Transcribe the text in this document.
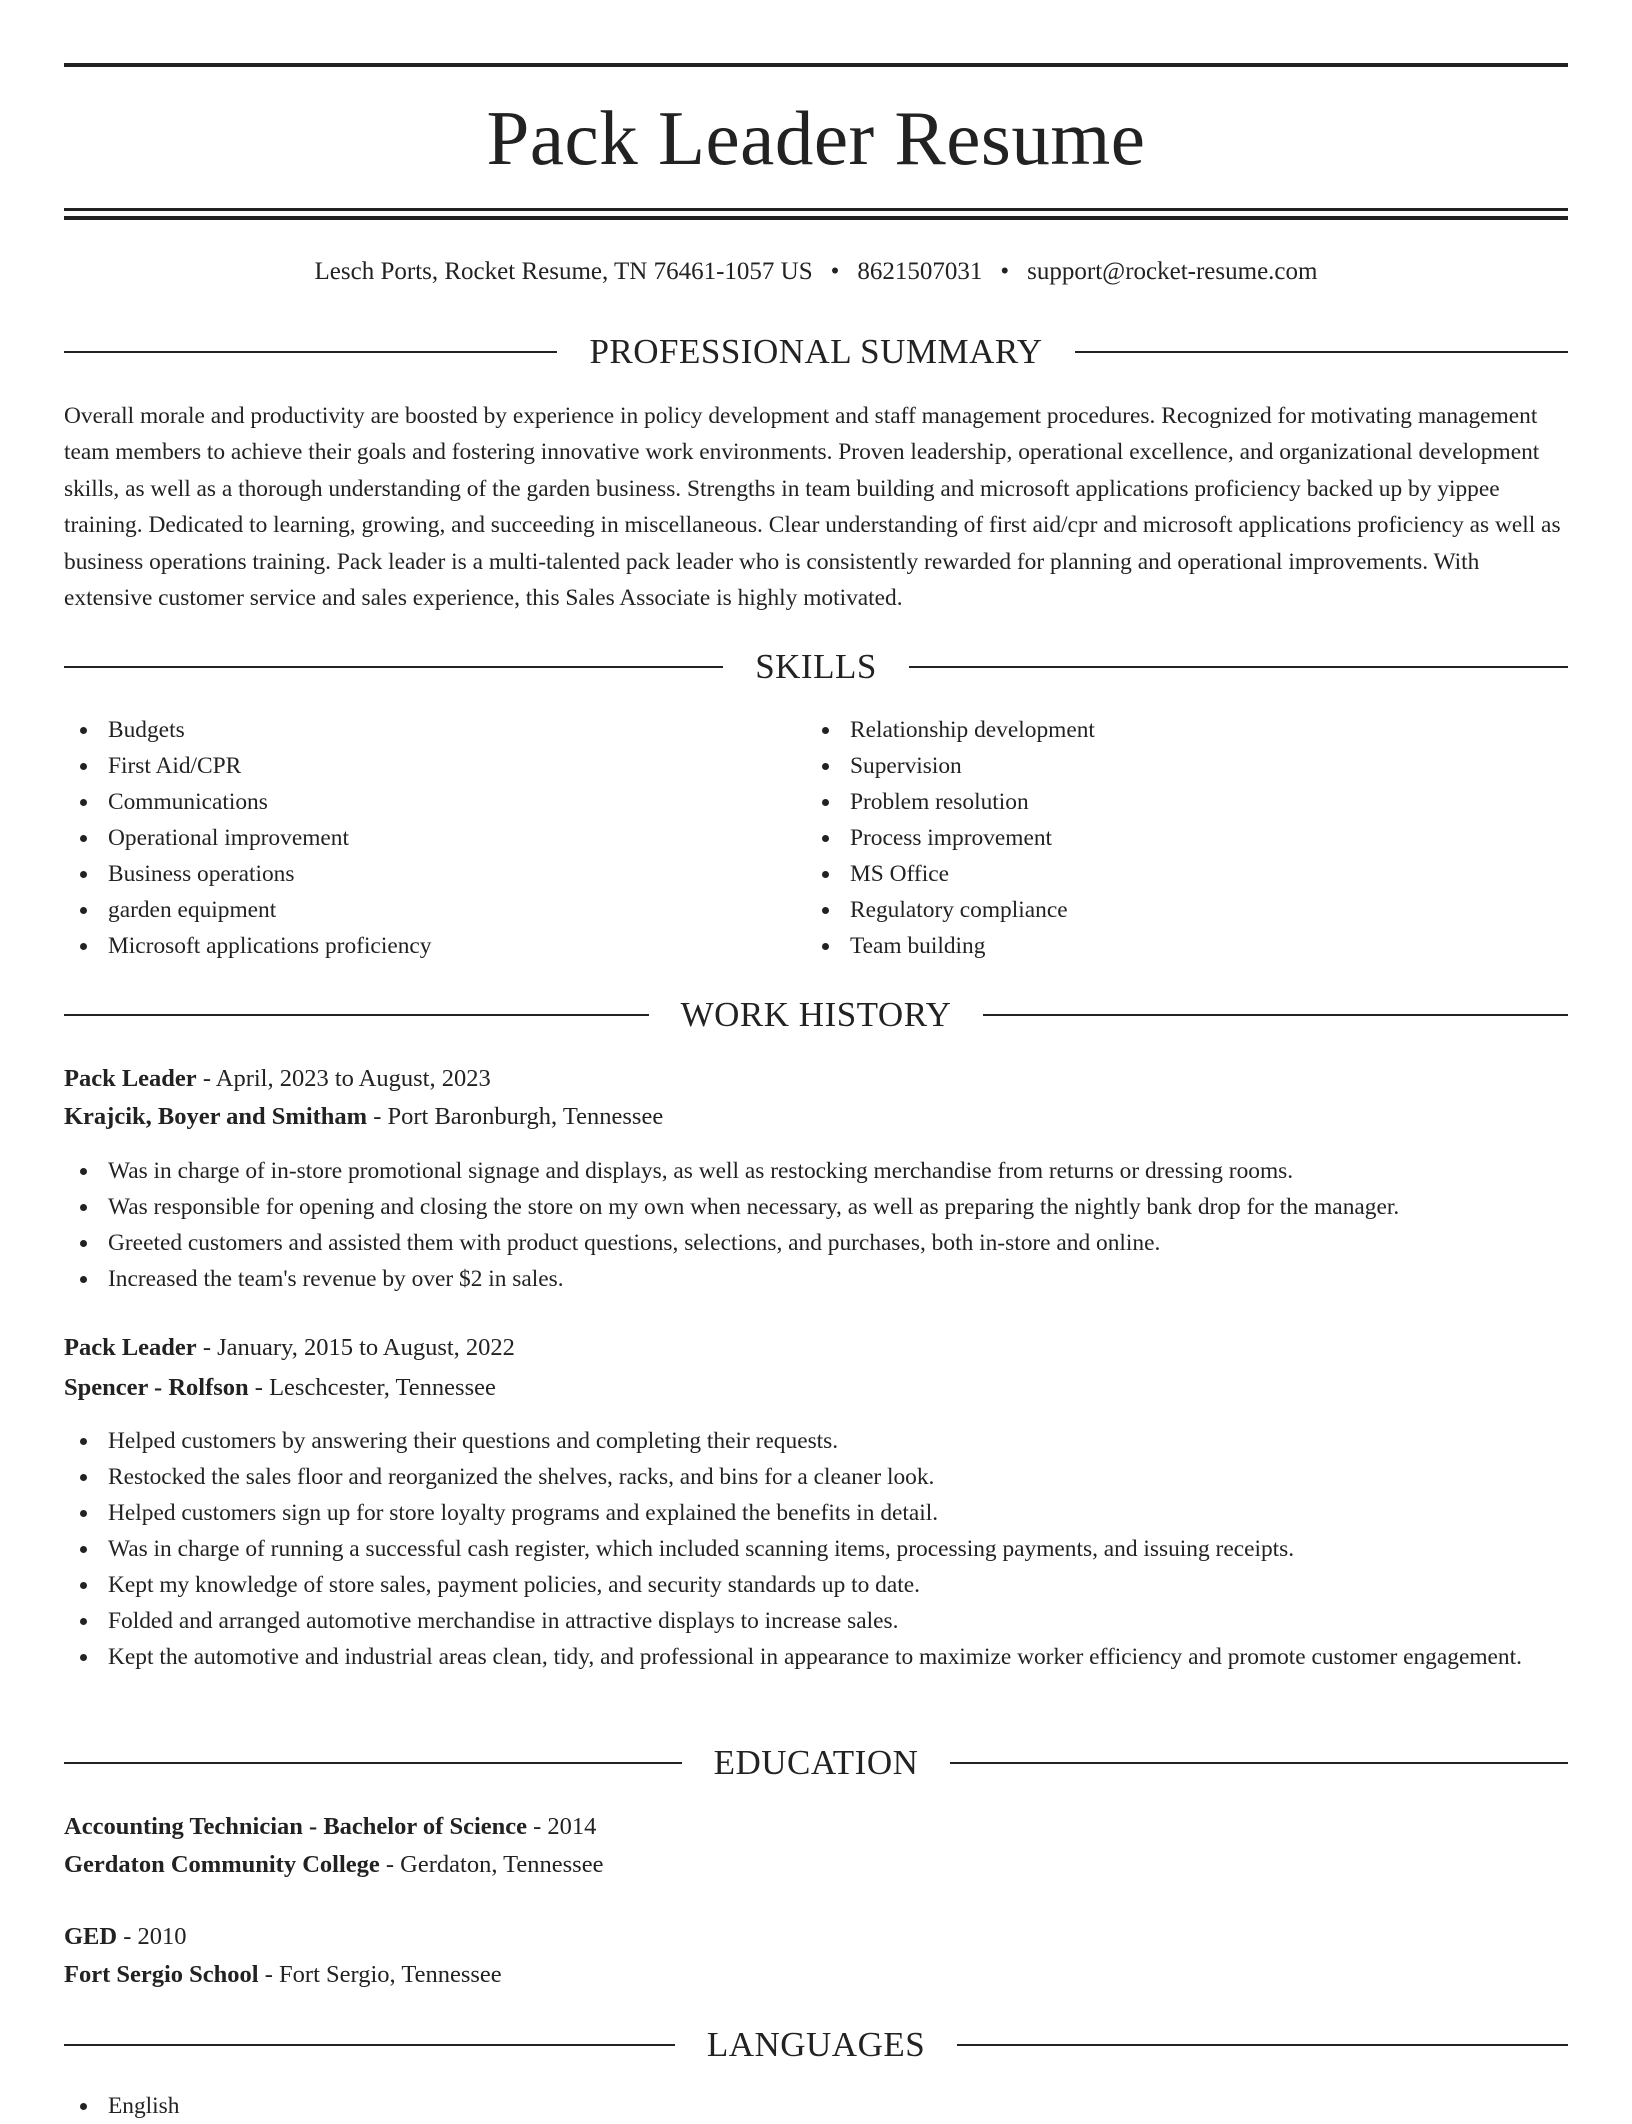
Pack Leader Resume
Lesch Ports, Rocket Resume, TN 76461-1057 US • 8621507031 • support@rocket-resume.com
PROFESSIONAL SUMMARY

Overall morale and productivity are boosted by experience in policy development and staff management procedures. Recognized for motivating management team members to achieve their goals and fostering innovative work environments. Proven leadership, operational excellence, and organizational development skills, as well as a thorough understanding of the garden business. Strengths in team building and microsoft applications proficiency backed up by yippee training. Dedicated to learning, growing, and succeeding in miscellaneous. Clear understanding of first aid/cpr and microsoft applications proficiency as well as business operations training. Pack leader is a multi-talented pack leader who is consistently rewarded for planning and operational improvements. With extensive customer service and sales experience, this Sales Associate is highly motivated.

SKILLS
Budgets
First Aid/CPR
Communications
Operational improvement
Business operations
garden equipment
Microsoft applications proficiency
Relationship development
Supervision
Problem resolution
Process improvement
MS Office
Regulatory compliance
Team building
WORK HISTORY
Pack Leader - April, 2023 to August, 2023
Krajcik, Boyer and Smitham - Port Baronburgh, Tennessee
Was in charge of in-store promotional signage and displays, as well as restocking merchandise from returns or dressing rooms.
Was responsible for opening and closing the store on my own when necessary, as well as preparing the nightly bank drop for the manager.
Greeted customers and assisted them with product questions, selections, and purchases, both in-store and online.
Increased the team's revenue by over $2 in sales.
Pack Leader - January, 2015 to August, 2022
Spencer - Rolfson - Leschcester, Tennessee
Helped customers by answering their questions and completing their requests.
Restocked the sales floor and reorganized the shelves, racks, and bins for a cleaner look.
Helped customers sign up for store loyalty programs and explained the benefits in detail.
Was in charge of running a successful cash register, which included scanning items, processing payments, and issuing receipts.
Kept my knowledge of store sales, payment policies, and security standards up to date.
Folded and arranged automotive merchandise in attractive displays to increase sales.
Kept the automotive and industrial areas clean, tidy, and professional in appearance to maximize worker efficiency and promote customer engagement.
EDUCATION
Accounting Technician - Bachelor of Science - 2014
Gerdaton Community College - Gerdaton, Tennessee
GED - 2010
Fort Sergio School - Fort Sergio, Tennessee
LANGUAGES
English
